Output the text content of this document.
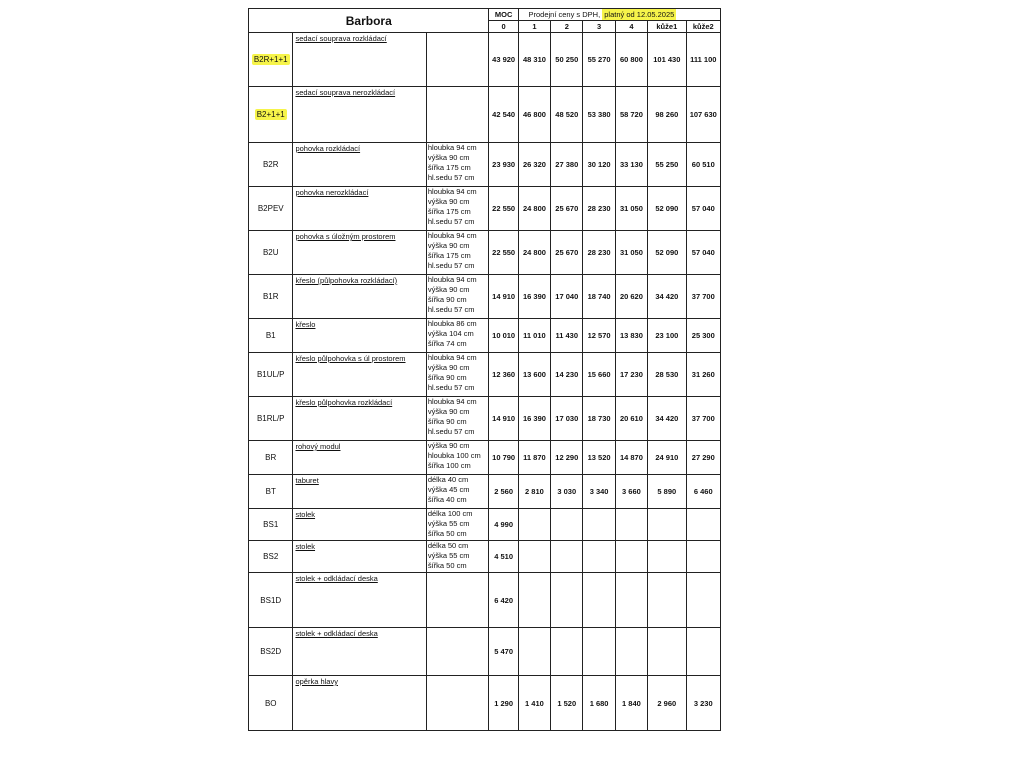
Barbora			MOC	Prodejní ceny s DPH, platný od 12.05.2025					
			0	1	2	3	4	kůže1	kůže2
B2R+1+1	sedací souprava rozkládací		43 920	48 310	50 250	55 270	60 800	101 430	111 100
B2+1+1	sedací souprava nerozkládací		42 540	46 800	48 520	53 380	58 720	98 260	107 630
B2R	pohovka rozkládací	hloubka 94 cm
výška 90 cm
šířka 175 cm
hl.sedu 57 cm	23 930	26 320	27 380	30 120	33 130	55 250	60 510
B2PEV	pohovka nerozkládací	hloubka 94 cm
výška 90 cm
šířka 175 cm
hl.sedu 57 cm	22 550	24 800	25 670	28 230	31 050	52 090	57 040
B2U	pohovka s úložným prostorem	hloubka 94 cm
výška 90 cm
šířka 175 cm
hl.sedu 57 cm	22 550	24 800	25 670	28 230	31 050	52 090	57 040
B1R	křeslo (půlpohovka rozkládací)	hloubka 94 cm
výška 90 cm
šířka 90 cm
hl.sedu 57 cm	14 910	16 390	17 040	18 740	20 620	34 420	37 700
B1	křeslo	hloubka 86 cm
výška 104 cm
šířka 74 cm	10 010	11 010	11 430	12 570	13 830	23 100	25 300
B1UL/P	křeslo půlpohovka s úl prostorem	hloubka 94 cm
výška 90 cm
šířka 90 cm
hl.sedu 57 cm	12 360	13 600	14 230	15 660	17 230	28 530	31 260
B1RL/P	křeslo půlpohovka rozkládací	hloubka 94 cm
výška 90 cm
šířka 90 cm
hl.sedu 57 cm	14 910	16 390	17 030	18 730	20 610	34 420	37 700
BR	rohový modul	výška 90 cm
hloubka 100 cm
šířka 100 cm	10 790	11 870	12 290	13 520	14 870	24 910	27 290
BT	taburet	délka 40 cm
výška 45 cm
šířka 40 cm	2 560	2 810	3 030	3 340	3 660	5 890	6 460
BS1	stolek	délka 100 cm
výška 55 cm
šířka 50 cm	4 990						
BS2	stolek	délka 50 cm
výška 55 cm
šířka 50 cm	4 510						
BS1D	stolek + odkládací deska		6 420						
BS2D	stolek + odkládací deska		5 470						
BO	opěrka hlavy		1 290	1 410	1 520	1 680	1 840	2 960	3 230
